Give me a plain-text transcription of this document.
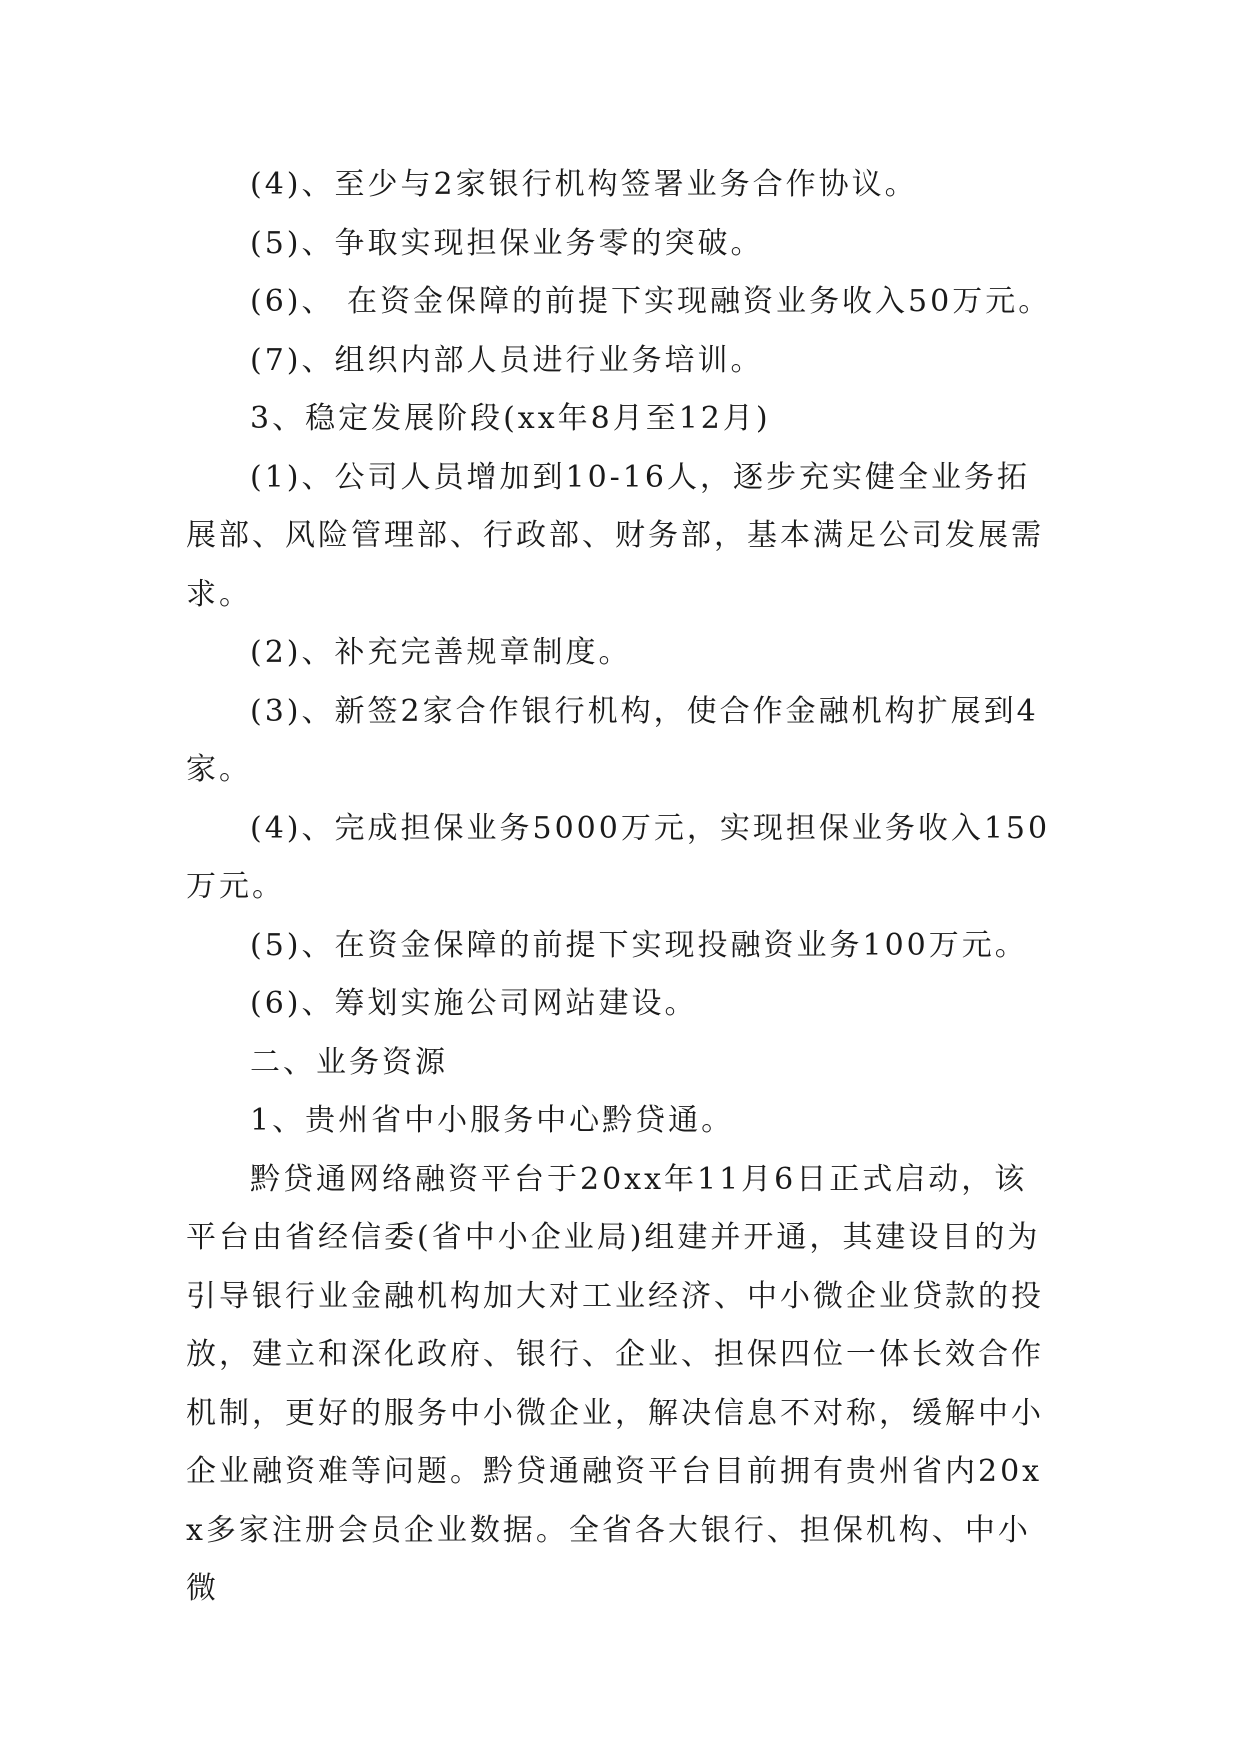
(4)、至少与2家银行机构签署业务合作协议。

(5)、争取实现担保业务零的突破。

(6)、 在资金保障的前提下实现融资业务收入50万元。

(7)、组织内部人员进行业务培训。

3、稳定发展阶段(xx年8月至12月)

(1)、公司人员增加到10-16人，逐步充实健全业务拓展部、风险管理部、行政部、财务部，基本满足公司发展需求。

(2)、补充完善规章制度。

(3)、新签2家合作银行机构，使合作金融机构扩展到4家。

(4)、完成担保业务5000万元，实现担保业务收入150万元。

(5)、在资金保障的前提下实现投融资业务100万元。

(6)、筹划实施公司网站建设。

二、业务资源

1、贵州省中小服务中心黔贷通。

黔贷通网络融资平台于20xx年11月6日正式启动，该平台由省经信委(省中小企业局)组建并开通，其建设目的为引导银行业金融机构加大对工业经济、中小微企业贷款的投放，建立和深化政府、银行、企业、担保四位一体长效合作机制，更好的服务中小微企业，解决信息不对称，缓解中小企业融资难等问题。黔贷通融资平台目前拥有贵州省内20xx多家注册会员企业数据。全省各大银行、担保机构、中小微
